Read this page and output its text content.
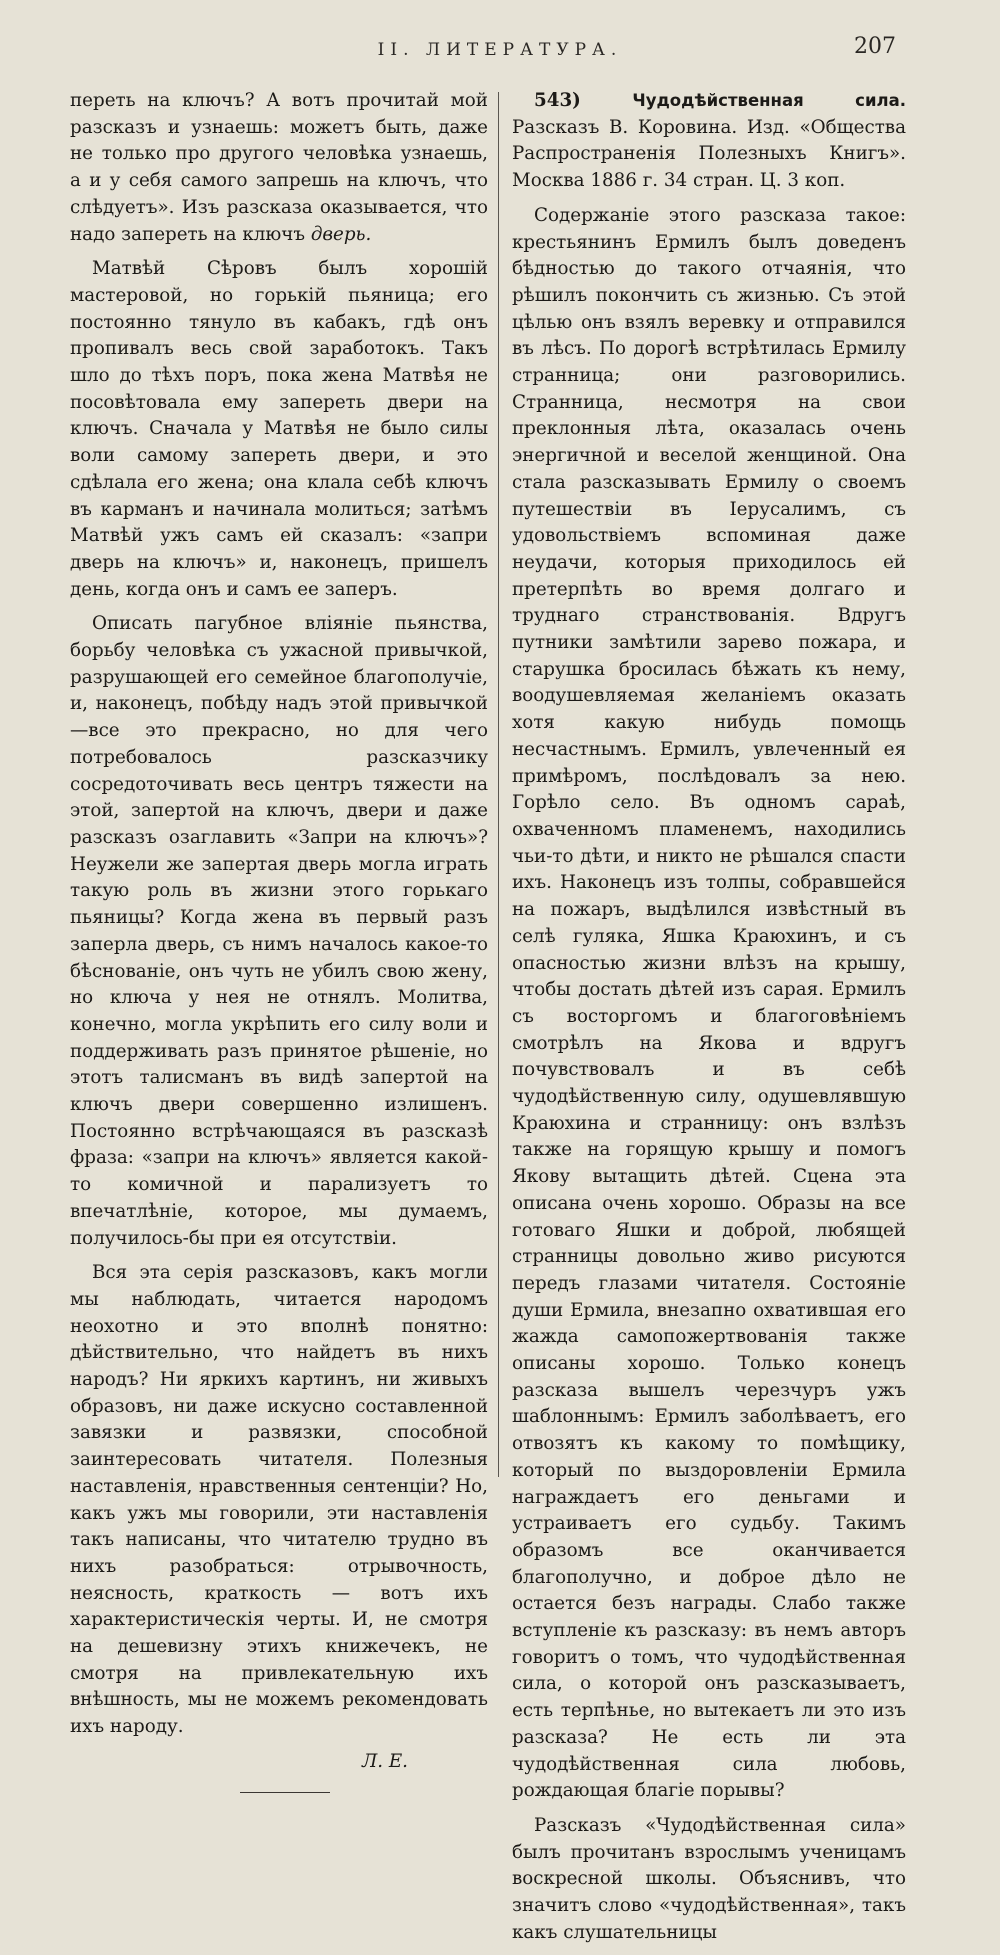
II. ЛИТЕРАТУРА.	207

переть на ключъ? А вотъ прочитай мой разсказъ и узнаешь: можетъ быть, даже не только про другого человѣка узнаешь, а и у себя самого запрешь на ключъ, что слѣдуетъ». Изъ разсказа оказывается, что надо запереть на ключъ дверь.

Матвѣй Сѣровъ былъ хорошій мастеровой, но горькій пьяница; его постоянно тянуло въ кабакъ, гдѣ онъ пропивалъ весь свой заработокъ. Такъ шло до тѣхъ поръ, пока жена Матвѣя не посовѣтовала ему запереть двери на ключъ. Сначала у Матвѣя не было силы воли самому запереть двери, и это сдѣлала его жена; она клала себѣ ключъ въ карманъ и начинала молиться; затѣмъ Матвѣй ужъ самъ ей сказалъ: «запри дверь на ключъ» и, наконецъ, пришелъ день, когда онъ и самъ ее заперъ.

Описать пагубное вліяніе пьянства, борьбу человѣка съ ужасной привычкой, разрушающей его семейное благополучіе, и, наконецъ, побѣду надъ этой привычкой—все это прекрасно, но для чего потребовалось разсказчику сосредоточивать весь центръ тяжести на этой, запертой на ключъ, двери и даже разсказъ озаглавить «Запри на ключъ»? Неужели же запертая дверь могла играть такую роль въ жизни этого горькаго пьяницы? Когда жена въ первый разъ заперла дверь, съ нимъ началось какое-то бѣснованіе, онъ чуть не убилъ свою жену, но ключа у нея не отнялъ. Молитва, конечно, могла укрѣпить его силу воли и поддерживать разъ принятое рѣшеніе, но этотъ талисманъ въ видѣ запертой на ключъ двери совершенно излишенъ. Постоянно встрѣчающаяся въ разсказѣ фраза: «запри на ключъ» является какой-то комичной и парализуетъ то впечатлѣніе, которое, мы думаемъ, получилось-бы при ея отсутствіи.

Вся эта серія разсказовъ, какъ могли мы наблюдать, читается народомъ неохотно и это вполнѣ понятно: дѣйствительно, что найдетъ въ нихъ народъ? Ни яркихъ картинъ, ни живыхъ образовъ, ни даже искусно составленной завязки и развязки, способной заинтересовать читателя. Полезныя наставленія, нравственныя сентенціи? Но, какъ ужъ мы говорили, эти наставленія такъ написаны, что читателю трудно въ нихъ разобраться: отрывочность, неясность, краткость — вотъ ихъ характеристическія черты. И, не смотря на дешевизну этихъ книжечекъ, не смотря на привлекательную ихъ внѣшность, мы не можемъ рекомендовать ихъ народу.

Л. Е.

543)	Чудодѣйственная сила. Разсказъ В. Коровина. Изд. «Общества Распространенія Полезныхъ Книгъ». Москва 1886 г. 34 стран. Ц. 3 коп.

Содержаніе этого разсказа такое: крестьянинъ Ермилъ былъ доведенъ бѣдностью до такого отчаянія, что рѣшилъ покончить съ жизнью. Съ этой цѣлью онъ взялъ веревку и отправился въ лѣсъ. По дорогѣ встрѣтилась Ермилу странница; они разговорились. Странница, несмотря на свои преклонныя лѣта, оказалась очень энергичной и веселой женщиной. Она стала разсказывать Ермилу о своемъ путешествіи въ Іерусалимъ, съ удовольствіемъ вспоминая даже неудачи, которыя приходилось ей претерпѣть во время долгаго и труднаго странствованія. Вдругъ путники замѣтили зарево пожара, и старушка бросилась бѣжать къ нему, воодушевляемая желаніемъ оказать хотя какую нибудь помощь несчастнымъ. Ермилъ, увлеченный ея примѣромъ, послѣдовалъ за нею. Горѣло село. Въ одномъ сараѣ, охваченномъ пламенемъ, находились чьи-то дѣти, и никто не рѣшался спасти ихъ. Наконецъ изъ толпы, собравшейся на пожаръ, выдѣлился извѣстный въ селѣ гуляка, Яшка Краюхинъ, и съ опасностью жизни влѣзъ на крышу, чтобы достать дѣтей изъ сарая. Ермилъ съ восторгомъ и благоговѣніемъ смотрѣлъ на Якова и вдругъ почувствовалъ и въ себѣ чудодѣйственную силу, одушевлявшую Краюхина и странницу: онъ взлѣзъ также на горящую крышу и помогъ Якову вытащить дѣтей. Сцена эта описана очень хорошо. Образы на все готоваго Яшки и доброй, любящей странницы довольно живо рисуются передъ глазами читателя. Состояніе души Ермила, внезапно охватившая его жажда самопожертвованія также описаны хорошо. Только конецъ разсказа вышелъ черезчуръ ужъ шаблоннымъ: Ермилъ заболѣваетъ, его отвозятъ къ какому то помѣщику, который по выздоровленіи Ермила награждаетъ его деньгами и устраиваетъ его судьбу. Такимъ образомъ все оканчивается благополучно, и доброе дѣло не остается безъ награды. Слабо также вступленіе къ разсказу: въ немъ авторъ говоритъ о томъ, что чудодѣйственная сила, о которой онъ разсказываетъ, есть терпѣнье, но вытекаетъ ли это изъ разсказа? Не есть ли эта чудодѣйственная сила любовь, рождающая благіе порывы?

Разсказъ «Чудодѣйственная сила» былъ прочитанъ взрослымъ ученицамъ воскресной школы. Объяснивъ, что значитъ слово «чудодѣйственная», такъ какъ слушательницы
